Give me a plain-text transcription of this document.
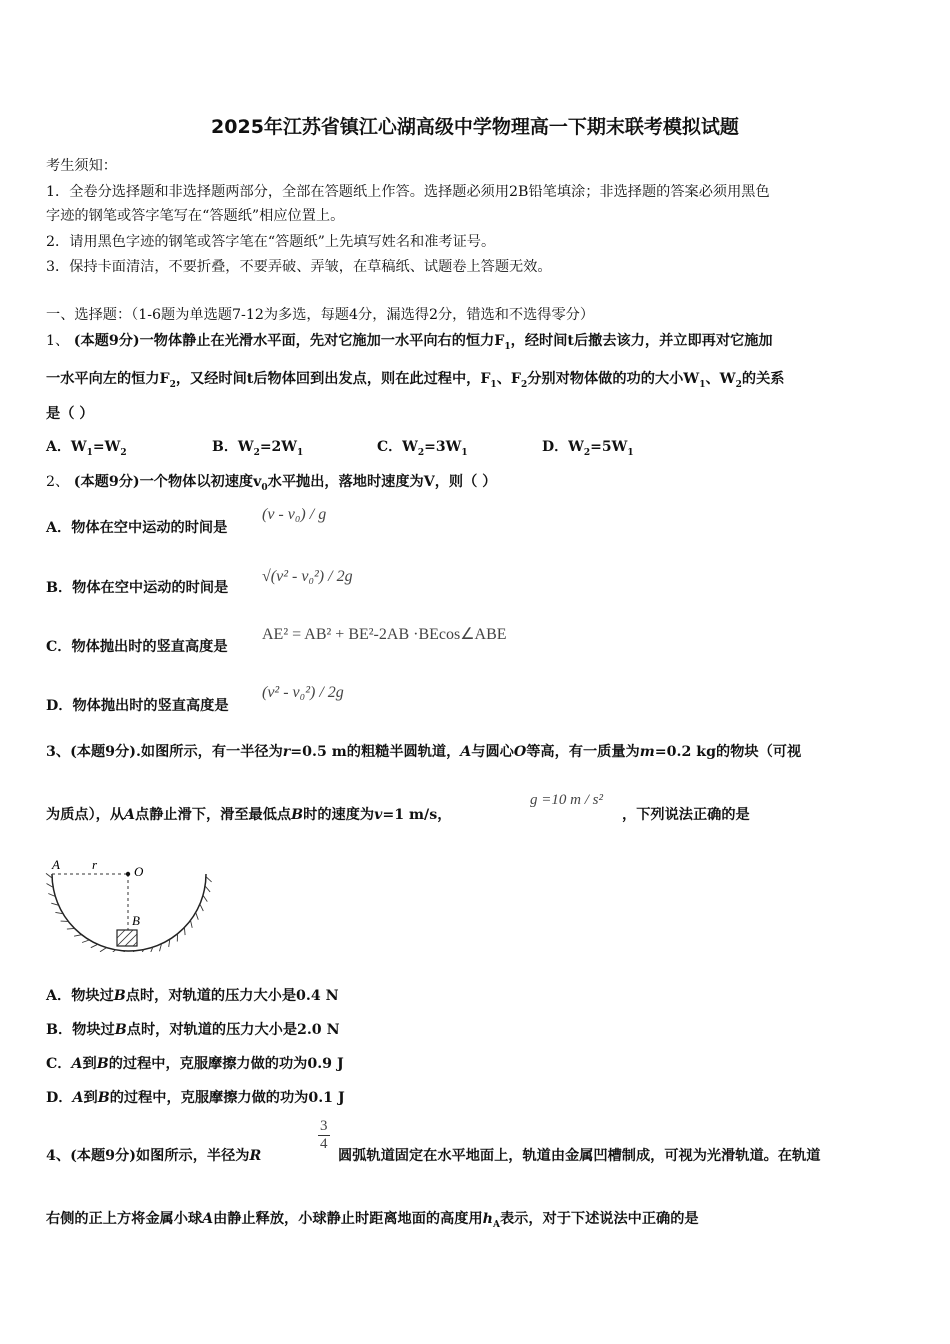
2025年江苏省镇江心湖高级中学物理高一下期末联考模拟试题
考生须知：
1．全卷分选择题和非选择题两部分，全部在答题纸上作答。选择题必须用2B铅笔填涂；非选择题的答案必须用黑色
字迹的钢笔或答字笔写在“答题纸”相应位置上。
2．请用黑色字迹的钢笔或答字笔在“答题纸”上先填写姓名和准考证号。
3．保持卡面清洁，不要折叠，不要弄破、弄皱，在草稿纸、试题卷上答题无效。
一、选择题：（1-6题为单选题7-12为多选，每题4分，漏选得2分，错选和不选得零分）
1、 (本题9分)一物体静止在光滑水平面，先对它施加一水平向右的恒力$F_1$，经时间t后撤去该力，并立即再对它施加
一水平向左的恒力$F_2$，又经时间t后物体回到出发点，则在此过程中，$F_1$、$F_2$分别对物体做的功的大小$W_1$、$W_2$的关系
是（ ）
A．$W_1=W_2$	B．$W_2=2W_1$	C．$W_2=3W_1$	D．$W_2=5W_1$
2、 (本题9分)一个物体以初速度$v_0$水平抛出，落地时速度为V，则（ ）
A．物体在空中运动的时间是
(v - v₀) / g
B．物体在空中运动的时间是
√(v² - v₀²) / 2g
C．物体抛出时的竖直高度是
AE² = AB² + BE²-2AB ·BEcos∠ABE
D．物体抛出时的竖直高度是
(v² - v₀²) / 2g
3、(本题9分).如图所示，有一半径为r=0.5 m的粗糙半圆轨道，A与圆心O等高，有一质量为m=0.2 kg的物块（可视
为质点），从A点静止滑下，滑至最低点B时的速度为v=1 m/s，
g =10 m / s²
，下列说法正确的是
A r	O
B
A．物块过B点时，对轨道的压力大小是0.4 N
B．物块过B点时，对轨道的压力大小是2.0 N
C．A到B的过程中，克服摩擦力做的功为0.9 J
D．A到B的过程中，克服摩擦力做的功为0.1 J
4、(本题9分)如图所示，半径为R
$\frac{3}{4}$
圆弧轨道固定在水平地面上，轨道由金属凹槽制成，可视为光滑轨道。在轨道
右侧的正上方将金属小球A由静止释放，小球静止时距离地面的高度用$h_A$表示，对于下述说法中正确的是
